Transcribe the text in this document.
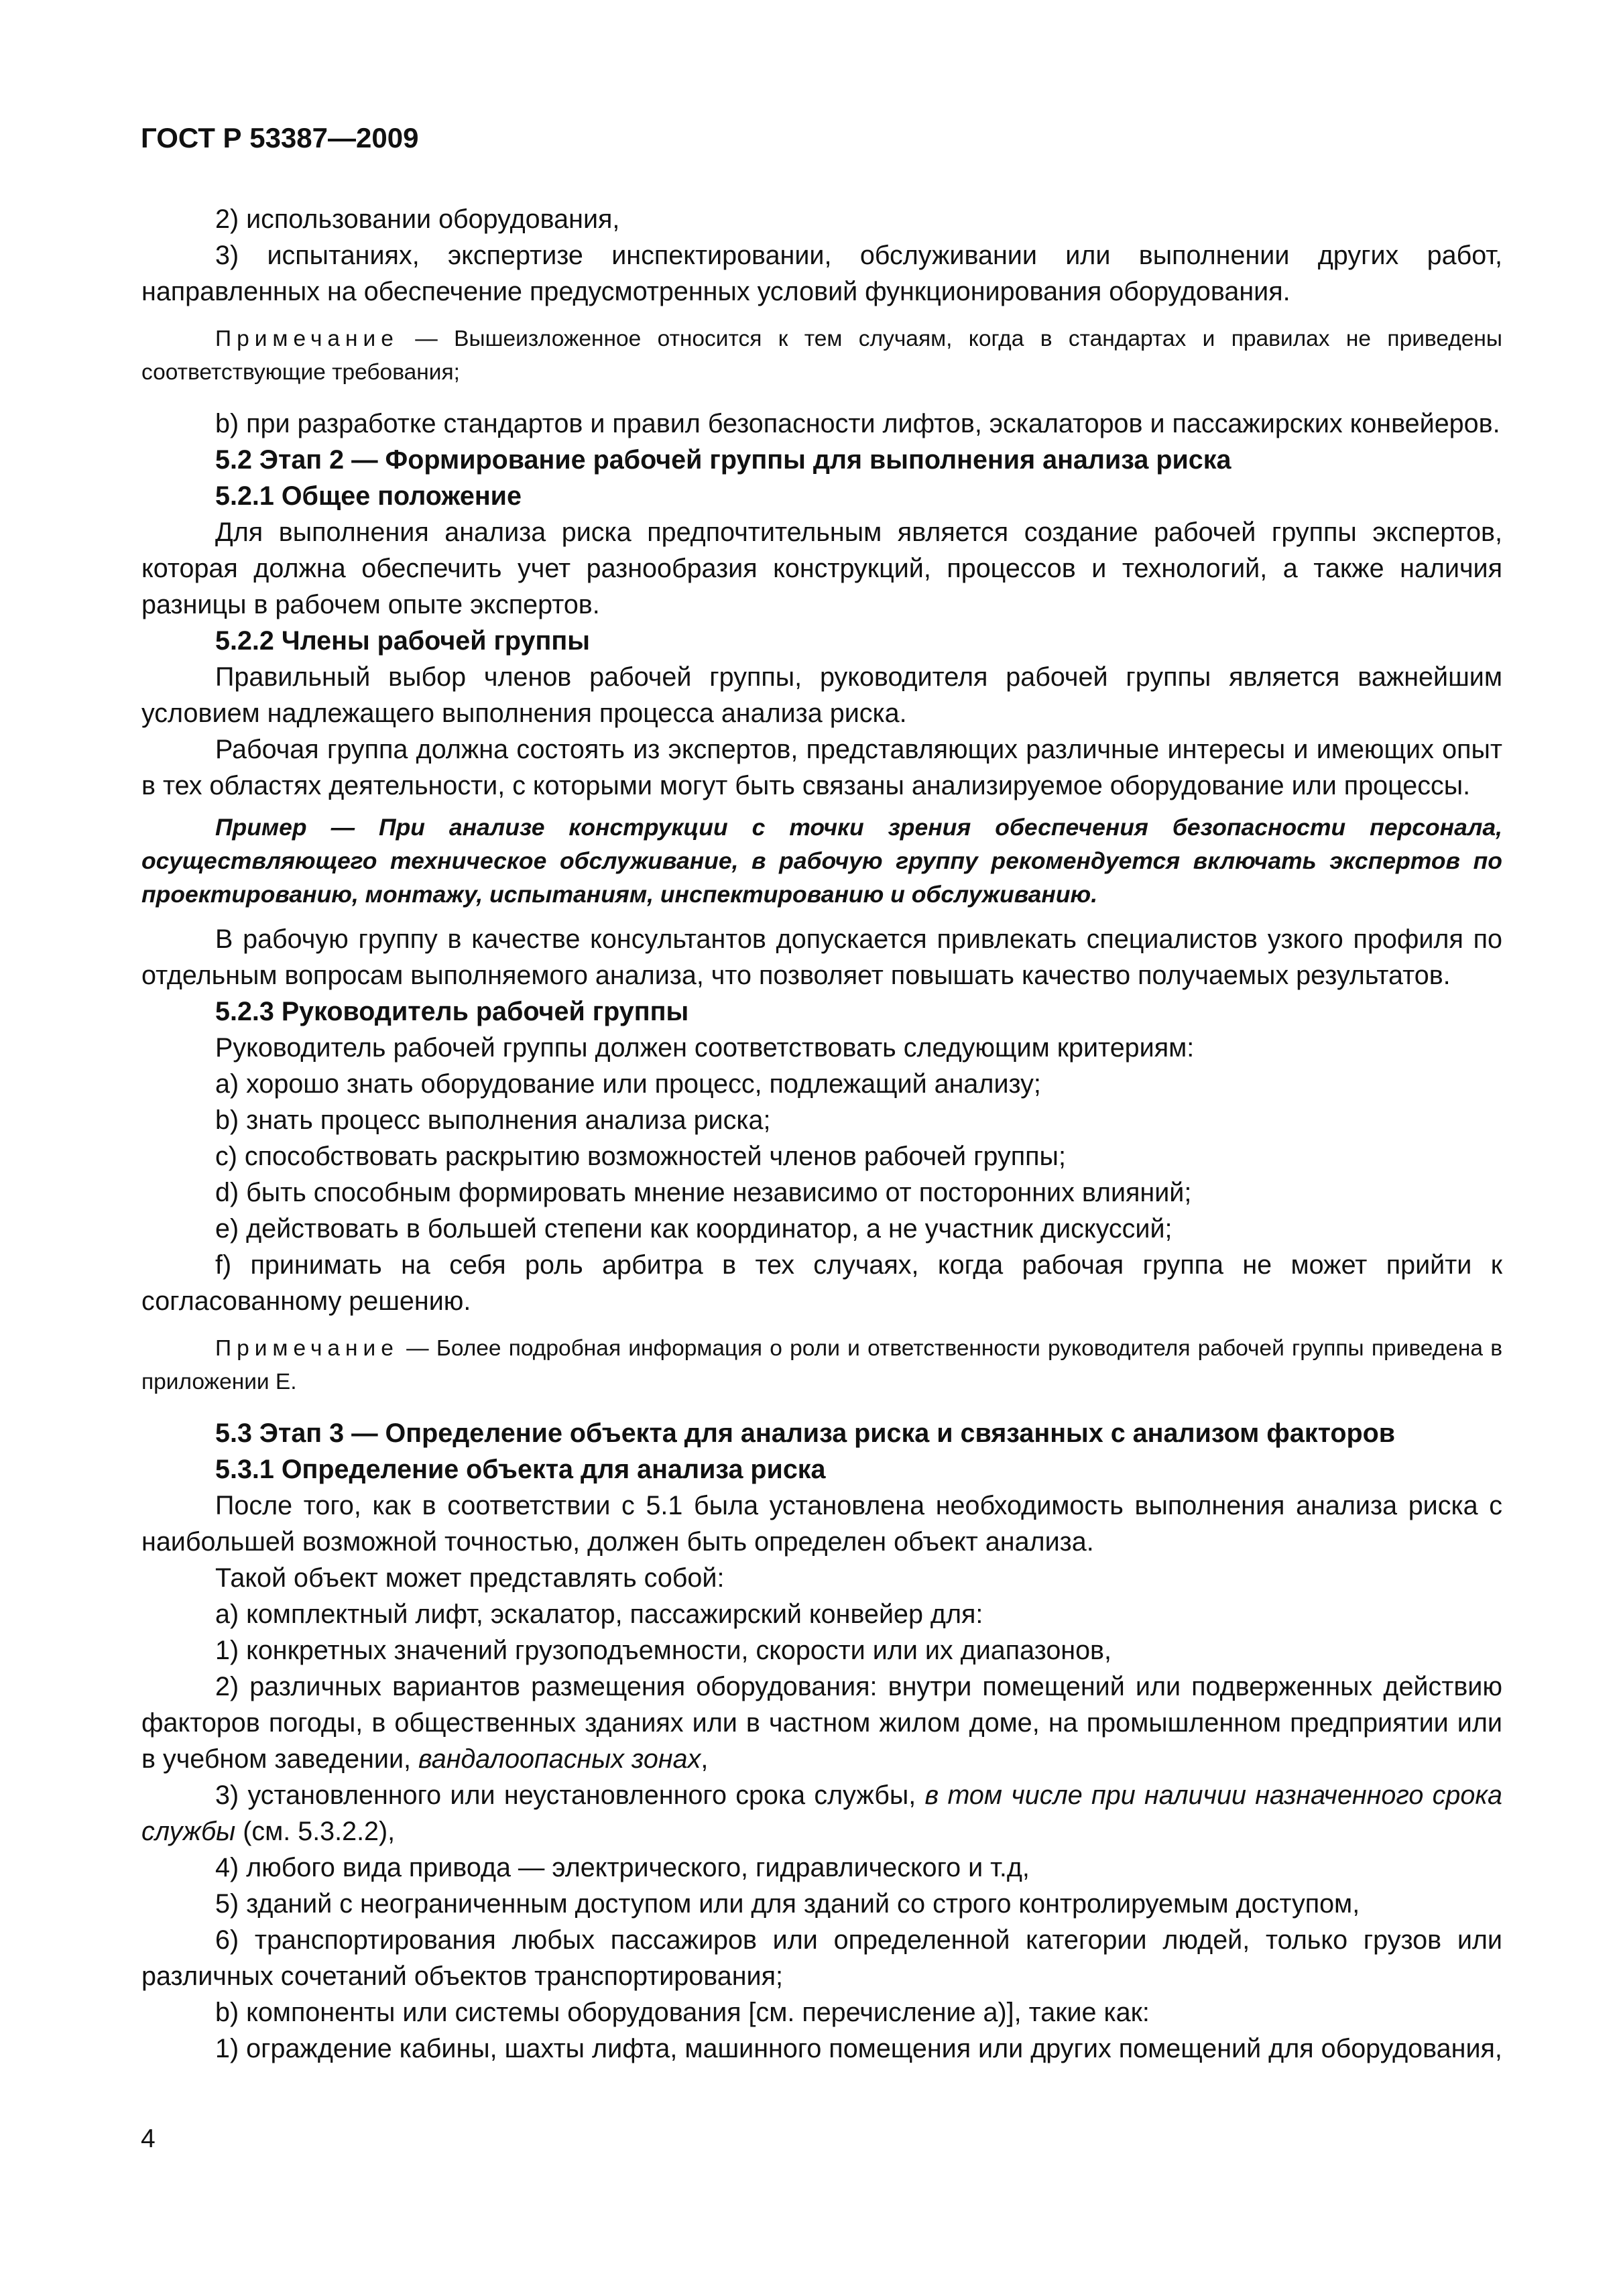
ГОСТ Р 53387—2009

2) использовании оборудования,

3) испытаниях, экспертизе инспектировании, обслуживании или выполнении других работ, направленных на обеспечение предусмотренных условий функционирования оборудования.

Примечание — Вышеизложенное относится к тем случаям, когда в стандартах и правилах не приведены соответствующие требования;

b) при разработке стандартов и правил безопасности лифтов, эскалаторов и пассажирских конвейеров.

5.2 Этап 2 — Формирование рабочей группы для выполнения анализа риска

5.2.1 Общее положение

Для выполнения анализа риска предпочтительным является создание рабочей группы экспертов, которая должна обеспечить учет разнообразия конструкций, процессов и технологий, а также наличия разницы в рабочем опыте экспертов.

5.2.2 Члены рабочей группы

Правильный выбор членов рабочей группы, руководителя рабочей группы является важнейшим условием надлежащего выполнения процесса анализа риска.

Рабочая группа должна состоять из экспертов, представляющих различные интересы и имеющих опыт в тех областях деятельности, с которыми могут быть связаны анализируемое оборудование или процессы.

Пример — При анализе конструкции с точки зрения обеспечения безопасности персонала, осуществляющего техническое обслуживание, в рабочую группу рекомендуется включать экспертов по проектированию, монтажу, испытаниям, инспектированию и обслуживанию.

В рабочую группу в качестве консультантов допускается привлекать специалистов узкого профиля по отдельным вопросам выполняемого анализа, что позволяет повышать качество получаемых результатов.

5.2.3 Руководитель рабочей группы

Руководитель рабочей группы должен соответствовать следующим критериям:

a) хорошо знать оборудование или процесс, подлежащий анализу;

b) знать процесс выполнения анализа риска;

c) способствовать раскрытию возможностей членов рабочей группы;

d) быть способным формировать мнение независимо от посторонних влияний;

e) действовать в большей степени как координатор, а не участник дискуссий;

f) принимать на себя роль арбитра в тех случаях, когда рабочая группа не может прийти к согласованному решению.

Примечание — Более подробная информация о роли и ответственности руководителя рабочей группы приведена в приложении Е.

5.3 Этап 3 — Определение объекта для анализа риска и связанных с анализом факторов

5.3.1 Определение объекта для анализа риска

После того, как в соответствии с 5.1 была установлена необходимость выполнения анализа риска с наибольшей возможной точностью, должен быть определен объект анализа.

Такой объект может представлять собой:

a) комплектный лифт, эскалатор, пассажирский конвейер для:

1) конкретных значений грузоподъемности, скорости или их диапазонов,

2) различных вариантов размещения оборудования: внутри помещений или подверженных действию факторов погоды, в общественных зданиях или в частном жилом доме, на промышленном предприятии или в учебном заведении, вандалоопасных зонах,

3) установленного или неустановленного срока службы, в том числе при наличии назначенного срока службы (см. 5.3.2.2),

4) любого вида привода — электрического, гидравлического и т.д,

5) зданий с неограниченным доступом или для зданий со строго контролируемым доступом,

6) транспортирования любых пассажиров или определенной категории людей, только грузов или различных сочетаний объектов транспортирования;

b) компоненты или системы оборудования [см. перечисление а)], такие как:

1) ограждение кабины, шахты лифта, машинного помещения или других помещений для оборудования,

4
